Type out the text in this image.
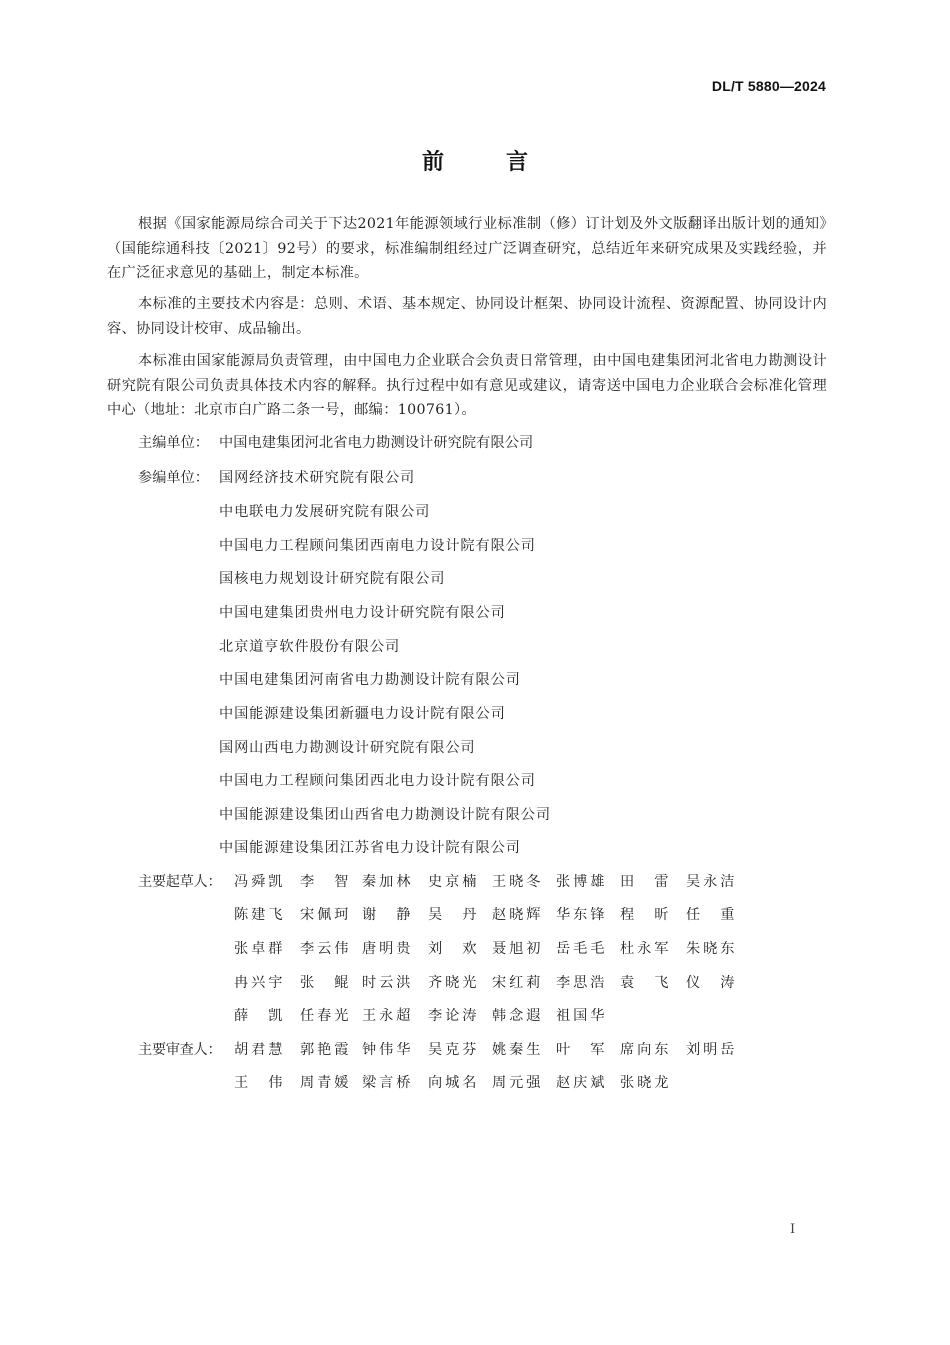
DL/T 5880—2024
前	言
根据《国家能源局综合司关于下达2021年能源领域行业标准制（修）订计划及外文版翻译出版计划的通知》（国能综通科技〔2021〕92号）的要求，标准编制组经过广泛调查研究，总结近年来研究成果及实践经验，并在广泛征求意见的基础上，制定本标准。
本标准的主要技术内容是：总则、术语、基本规定、协同设计框架、协同设计流程、资源配置、协同设计内容、协同设计校审、成品输出。
本标准由国家能源局负责管理，由中国电力企业联合会负责日常管理，由中国电建集团河北省电力勘测设计研究院有限公司负责具体技术内容的解释。执行过程中如有意见或建议，请寄送中国电力企业联合会标准化管理中心（地址：北京市白广路二条一号，邮编：100761）。
主编单位： 中国电建集团河北省电力勘测设计研究院有限公司
参编单位： 国网经济技术研究院有限公司
中电联电力发展研究院有限公司
中国电力工程顾问集团西南电力设计院有限公司
国核电力规划设计研究院有限公司
中国电建集团贵州电力设计研究院有限公司
北京道亨软件股份有限公司
中国电建集团河南省电力勘测设计院有限公司
中国能源建设集团新疆电力设计院有限公司
国网山西电力勘测设计研究院有限公司
中国电力工程顾问集团西北电力设计院有限公司
中国能源建设集团山西省电力勘测设计院有限公司
中国能源建设集团江苏省电力设计院有限公司
主要起草人： 冯舜凯 李 智 秦加林 史京楠 王晓冬 张博雄 田 雷 吴永洁
陈建飞 宋佩珂 谢 静 吴 丹 赵晓辉 华东锋 程 昕 任 重
张卓群 李云伟 唐明贵 刘 欢 聂旭初 岳毛毛 杜永军 朱晓东
冉兴宇 张 鲲 时云洪 齐晓光 宋红莉 李思浩 袁 飞 仪 涛
薛 凯 任春光 王永超 李论涛 韩念遐 祖国华
主要审查人： 胡君慧 郭艳霞 钟伟华 吴克芬 姚秦生 叶 军 席向东 刘明岳
王 伟 周青媛 梁言桥 向城名 周元强 赵庆斌 张晓龙
I
